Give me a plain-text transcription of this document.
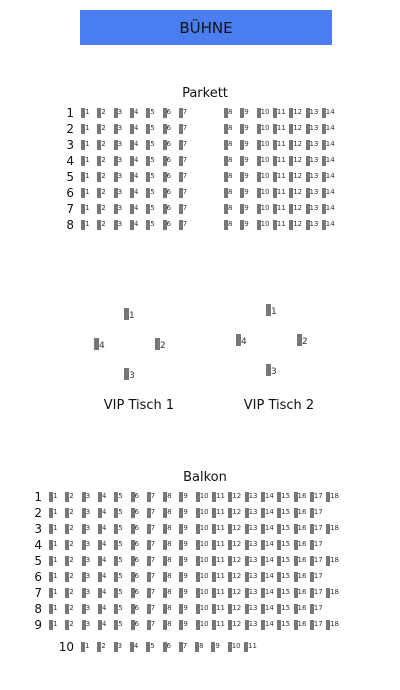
BÜHNE
Parkett
1 1 2 3 4 5 6 7	8 9 10 11 12 13 14
2 1 2 3 4 5 6 7	8 9 10 11 12 13 14
3 1 2 3 4 5 6 7	8 9 10 11 12 13 14
4 1 2 3 4 5 6 7	8 9 10 11 12 13 14
5 1 2 3 4 5 6 7	8 9 10 11 12 13 14
6 1 2 3 4 5 6 7	8 9 10 11 12 13 14
7 1 2 3 4 5 6 7	8 9 10 11 12 13 14
8 1 2 3 4 5 6 7	8 9 10 11 12 13 14
1
2
3
4
VIP Tisch 1
1
2
3
4
VIP Tisch 2
Balkon
1 1 2 3 4 5 6 7 8 9 10 11 12 13 14 15 16 17 18
2 1 2 3 4 5 6 7 8 9 10 11 12 13 14 15 16 17
3 1 2 3 4 5 6 7 8 9 10 11 12 13 14 15 16 17 18
4 1 2 3 4 5 6 7 8 9 10 11 12 13 14 15 16 17
5 1 2 3 4 5 6 7 8 9 10 11 12 13 14 15 16 17 18
6 1 2 3 4 5 6 7 8 9 10 11 12 13 14 15 16 17
7 1 2 3 4 5 6 7 8 9 10 11 12 13 14 15 16 17 18
8 1 2 3 4 5 6 7 8 9 10 11 12 13 14 15 16 17
9 1 2 3 4 5 6 7 8 9 10 11 12 13 14 15 16 17 18
10 1 2 3 4 5 6 7 8 9 10 11
